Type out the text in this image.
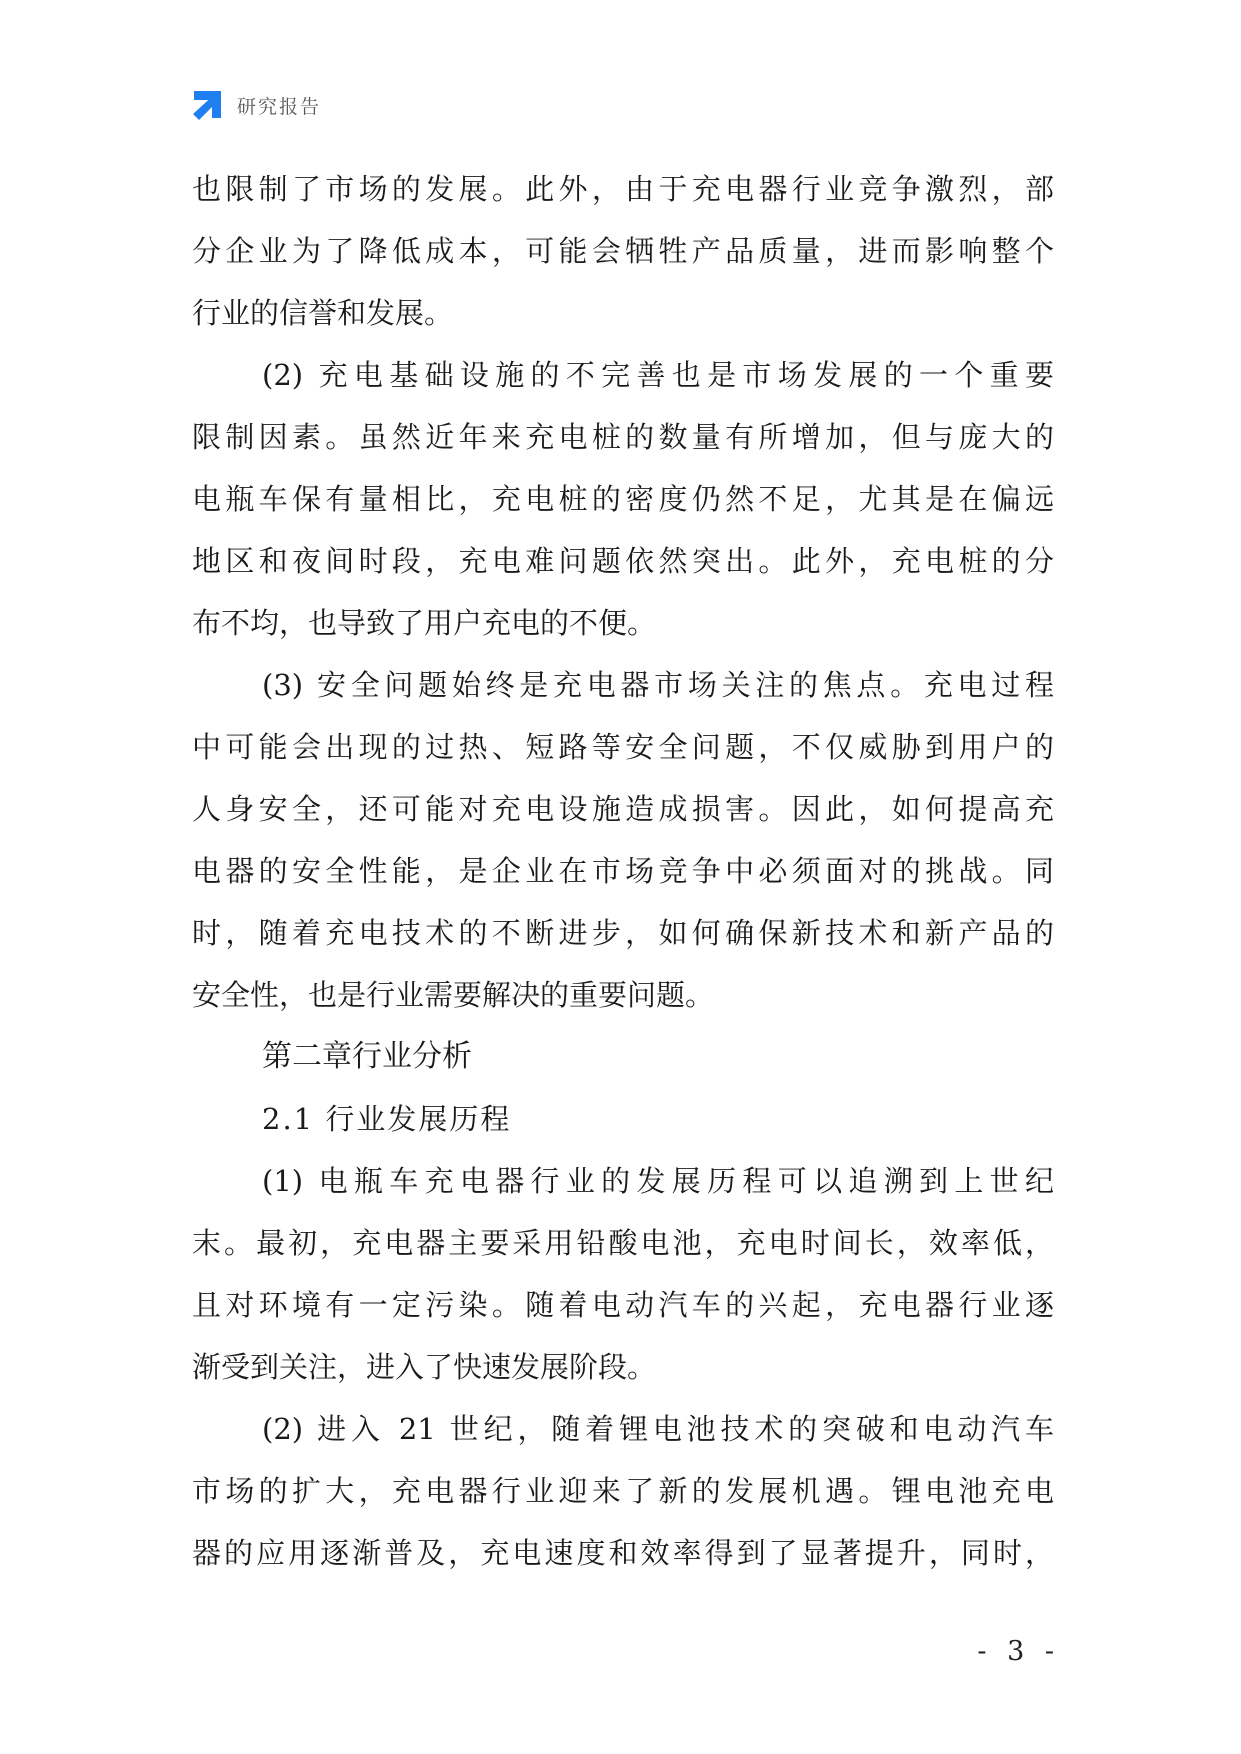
研究报告
也限制了市场的发展。此外，由于充电器行业竞争激烈，部
分企业为了降低成本，可能会牺牲产品质量，进而影响整个
行业的信誉和发展。
(2) 充电基础设施的不完善也是市场发展的一个重要
限制因素。虽然近年来充电桩的数量有所增加，但与庞大的
电瓶车保有量相比，充电桩的密度仍然不足，尤其是在偏远
地区和夜间时段，充电难问题依然突出。此外，充电桩的分
布不均，也导致了用户充电的不便。
(3) 安全问题始终是充电器市场关注的焦点。充电过程
中可能会出现的过热、短路等安全问题，不仅威胁到用户的
人身安全，还可能对充电设施造成损害。因此，如何提高充
电器的安全性能，是企业在市场竞争中必须面对的挑战。同
时，随着充电技术的不断进步，如何确保新技术和新产品的
安全性，也是行业需要解决的重要问题。
第二章行业分析
2.1 行业发展历程
(1) 电瓶车充电器行业的发展历程可以追溯到上世纪
末。最初，充电器主要采用铅酸电池，充电时间长，效率低，
且对环境有一定污染。随着电动汽车的兴起，充电器行业逐
渐受到关注，进入了快速发展阶段。
(2) 进入 21 世纪，随着锂电池技术的突破和电动汽车
市场的扩大，充电器行业迎来了新的发展机遇。锂电池充电
器的应用逐渐普及，充电速度和效率得到了显著提升，同时，
- 3 -
